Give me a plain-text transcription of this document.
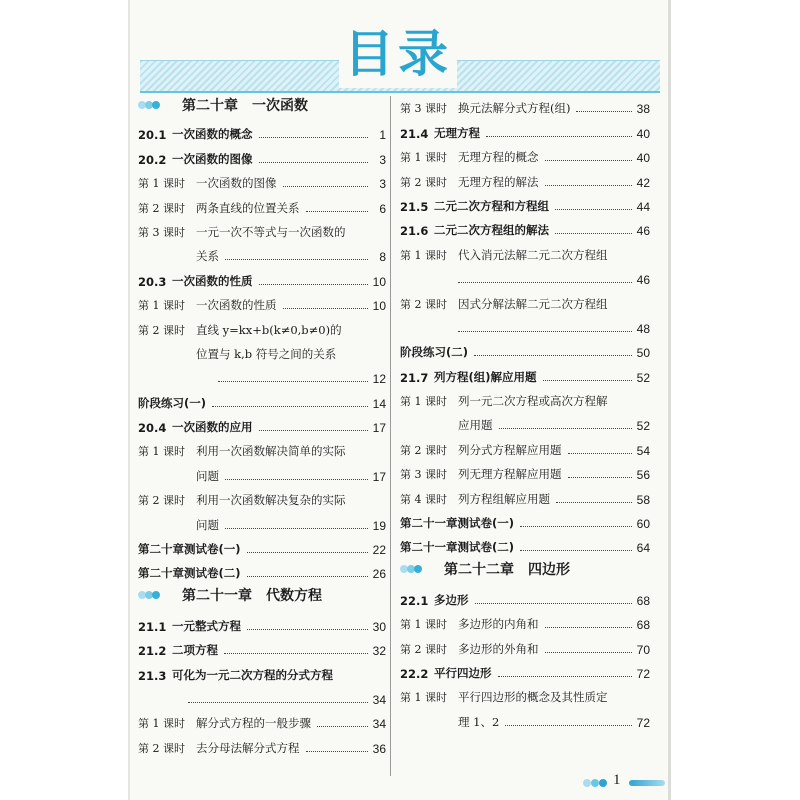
目录
第二十章　一次函数
20.1 一次函数的概念	1
20.2 一次函数的图像	3
第 1 课时 一次函数的图像	3
第 2 课时 两条直线的位置关系	6
第 3 课时 一元一次不等式与一次函数的
关系	8
20.3 一次函数的性质	10
第 1 课时 一次函数的性质	10
第 2 课时 直线 y=kx+b(k≠0,b≠0)的
位置与 k,b 符号之间的关系
12
阶段练习(一)	14
20.4 一次函数的应用	17
第 1 课时 利用一次函数解决简单的实际
问题	17
第 2 课时 利用一次函数解决复杂的实际
问题	19
第二十章测试卷(一)	22
第二十章测试卷(二)	26
第二十一章　代数方程
21.1 一元整式方程	30
21.2 二项方程	32
21.3 可化为一元二次方程的分式方程
34
第 1 课时 解分式方程的一般步骤	34
第 2 课时 去分母法解分式方程	36
第 3 课时 换元法解分式方程(组)	38
21.4 无理方程	40
第 1 课时 无理方程的概念	40
第 2 课时 无理方程的解法	42
21.5 二元二次方程和方程组	44
21.6 二元二次方程组的解法	46
第 1 课时 代入消元法解二元二次方程组
46
第 2 课时 因式分解法解二元二次方程组
48
阶段练习(二)	50
21.7 列方程(组)解应用题	52
第 1 课时 列一元二次方程或高次方程解
应用题	52
第 2 课时 列分式方程解应用题	54
第 3 课时 列无理方程解应用题	56
第 4 课时 列方程组解应用题	58
第二十一章测试卷(一)	60
第二十一章测试卷(二)	64
第二十二章　四边形
22.1 多边形	68
第 1 课时 多边形的内角和	68
第 2 课时 多边形的外角和	70
22.2 平行四边形	72
第 1 课时 平行四边形的概念及其性质定
理 1、2	72
1
